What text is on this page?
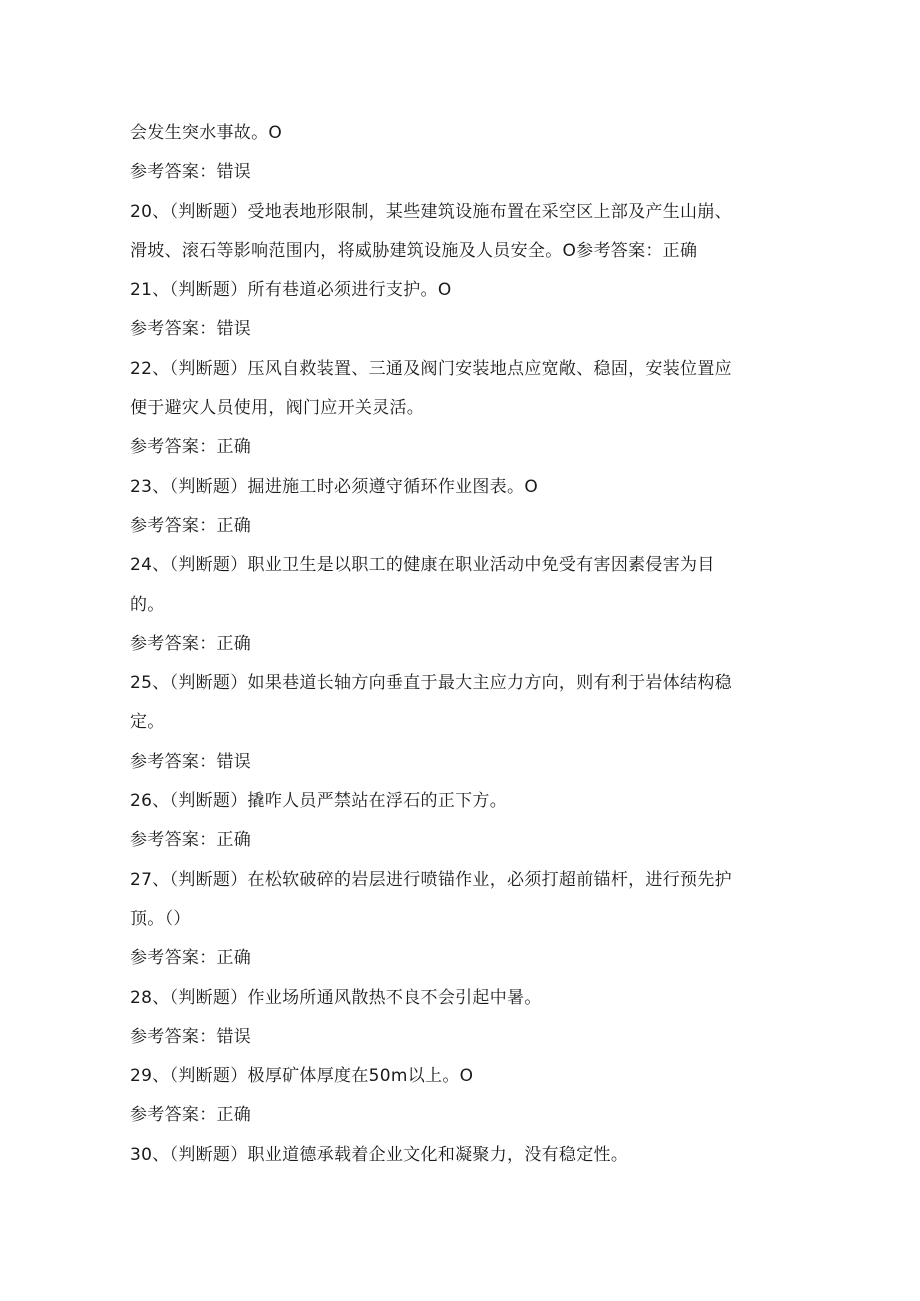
会发生突水事故。O
参考答案：错误
20、（判断题）受地表地形限制，某些建筑设施布置在采空区上部及产生山崩、
滑坡、滚石等影响范围内，将威胁建筑设施及人员安全。O参考答案：正确
21、（判断题）所有巷道必须进行支护。O
参考答案：错误
22、（判断题）压风自救装置、三通及阀门安装地点应宽敞、稳固，安装位置应
便于避灾人员使用，阀门应开关灵活。
参考答案：正确
23、（判断题）掘进施工时必须遵守循环作业图表。O
参考答案：正确
24、（判断题）职业卫生是以职工的健康在职业活动中免受有害因素侵害为目
的。
参考答案：正确
25、（判断题）如果巷道长轴方向垂直于最大主应力方向，则有利于岩体结构稳
定。
参考答案：错误
26、（判断题）撬咋人员严禁站在浮石的正下方。
参考答案：正确
27、（判断题）在松软破碎的岩层进行喷锚作业，必须打超前锚杆，进行预先护
顶。（）
参考答案：正确
28、（判断题）作业场所通风散热不良不会引起中暑。
参考答案：错误
29、（判断题）极厚矿体厚度在50m以上。O
参考答案：正确
30、（判断题）职业道德承载着企业文化和凝聚力，没有稳定性。
